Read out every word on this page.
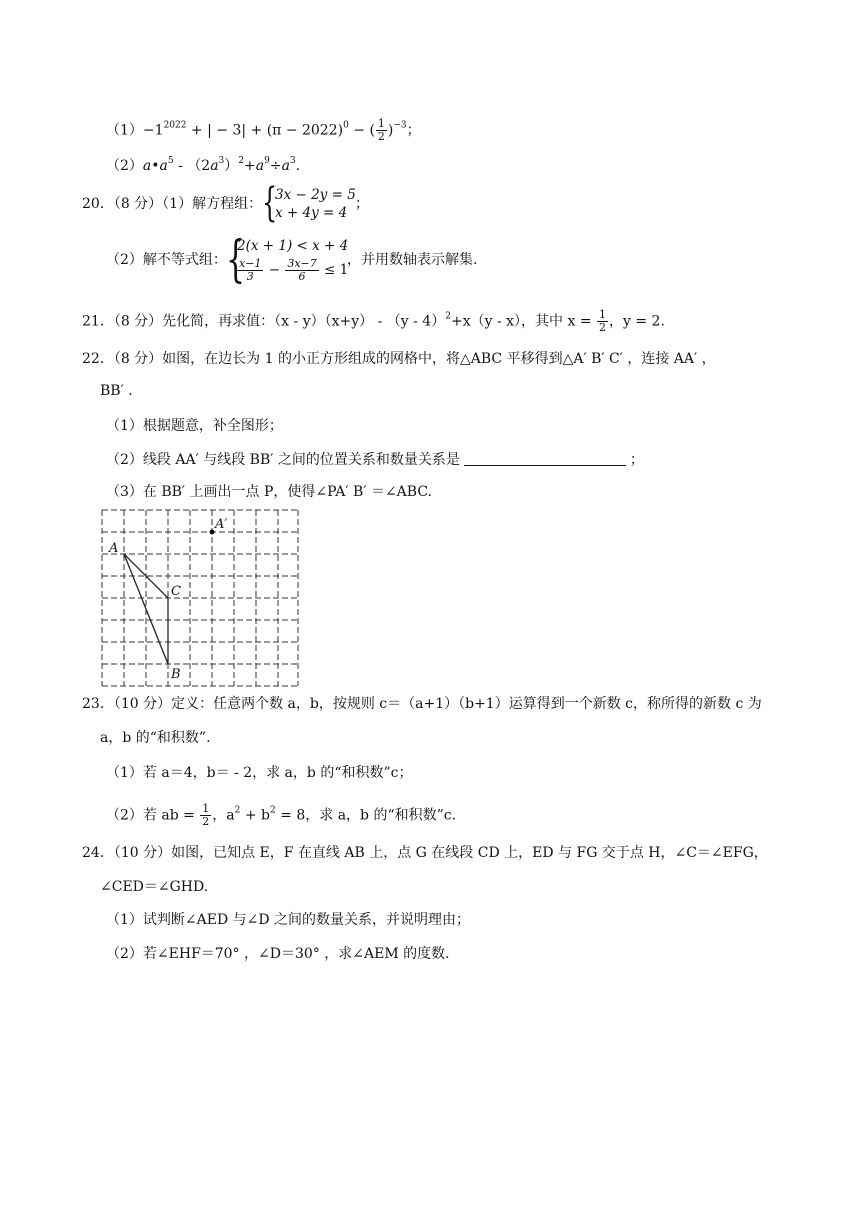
$(1)-1^{2022}$ + | − $3| + (\pi - 2022)^0$ − ( $\frac{1}{2} )^{-3}$；
$(2)a•a^5 - (2a^3)^2+a^9\div a^3$.
20．（8 分）（1）解方程组： {
3x − 2y = 5
x + 4y = 4
；
（2）解不等式组： {
2(x + 1) < x + 4
$\frac{x-1}{3} - \frac{3x-7}{6} \le 1$
，并用数轴表示解集.
21．（8 分）先化简，再求值：（x - y）（x+y） - （y - 4）$^2$+x（y - x），其中 $x = \frac{1}{2}$ ，y = 2.
22．（8 分）如图，在边长为 1 的小正方形组成的网格中，将△ABC 平移得到△A′ B′ C′ ，连接 AA′ ，
BB′ .
（1）根据题意，补全图形；
（2）线段 AA′ 与线段 BB′ 之间的位置关系和数量关系是	；
（3）在 BB′ 上画出一点 P，使得∠PA′ B′ ＝∠ABC.
A
A′
C
B
23．（10 分）定义：任意两个数 a，b，按规则 c＝（a+1）（b+1）运算得到一个新数 c，称所得的新数 c 为
a，b 的“和积数”.
（1）若 a＝4，b＝ - 2，求 a，b 的“和积数”c；
（2）若 ab = $\frac{1}{2}$ ，$a^2 + b^2 = 8$，求 a，b 的“和积数”c.
24．（10 分）如图，已知点 E，F 在直线 AB 上，点 G 在线段 CD 上，ED 与 FG 交于点 H，∠C＝∠EFG，
∠CED＝∠GHD.
（1）试判断∠AED 与∠D 之间的数量关系，并说明理由；
（2）若∠EHF＝70° ，∠D＝30° ，求∠AEM 的度数.
